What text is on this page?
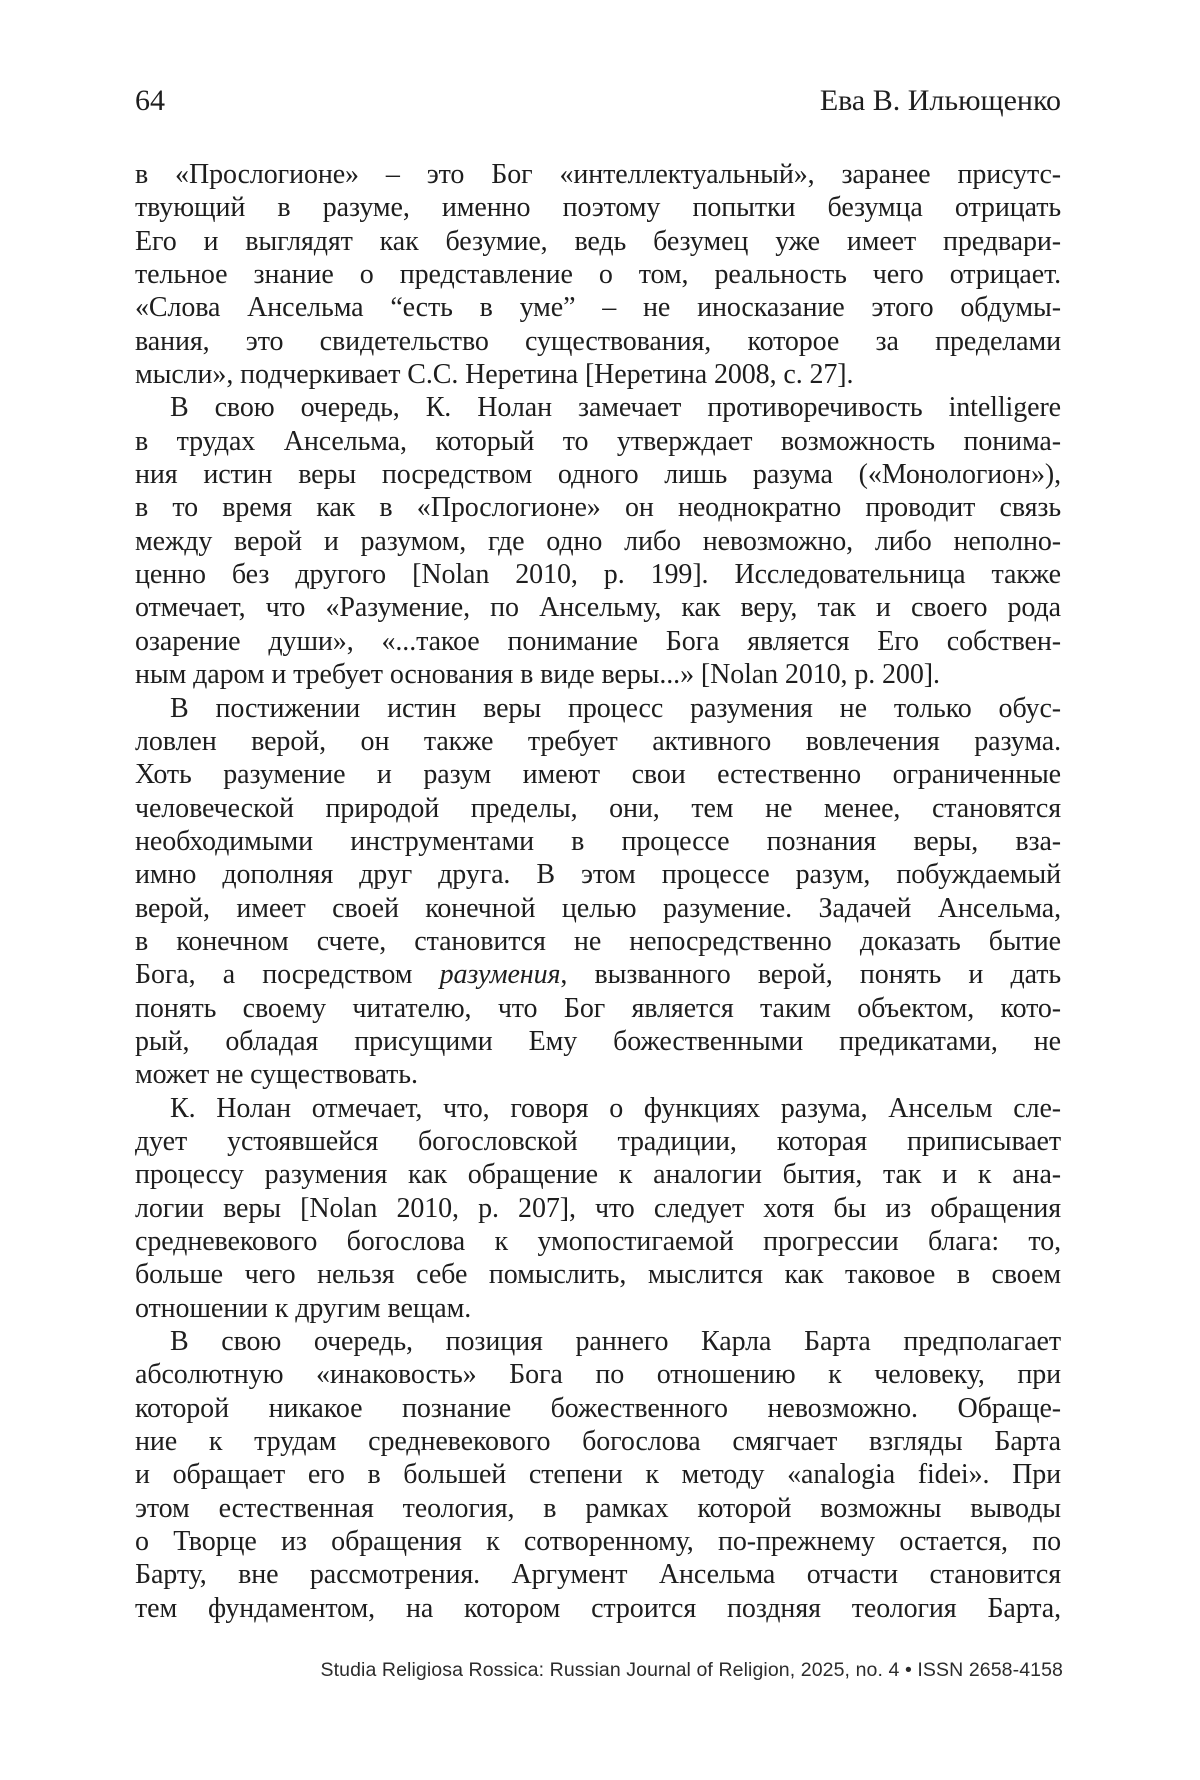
64	Ева В. Ильющенко
в «Прослогионе» – это Бог «интеллектуальный», заранее присутс-
твующий в разуме, именно поэтому попытки безумца отрицать
Его и выглядят как безумие, ведь безумец уже имеет предвари-
тельное знание о представление о том, реальность чего отрицает.
«Слова Ансельма “есть в уме” – не иносказание этого обдумы-
вания, это свидетельство существования, которое за пределами
мысли», подчеркивает С.С. Неретина [Неретина 2008, с. 27].
В свою очередь, К. Нолан замечает противоречивость intelligere
в трудах Ансельма, который то утверждает возможность понима-
ния истин веры посредством одного лишь разума («Монологион»),
в то время как в «Прослогионе» он неоднократно проводит связь
между верой и разумом, где одно либо невозможно, либо неполно-
ценно без другого [Nolan 2010, p. 199]. Исследовательница также
отмечает, что «Разумение, по Ансельму, как веру, так и своего рода
озарение души», «...такое понимание Бога является Его собствен-
ным даром и требует основания в виде веры...» [Nolan 2010, p. 200].
В постижении истин веры процесс разумения не только обус-
ловлен верой, он также требует активного вовлечения разума.
Хоть разумение и разум имеют свои естественно ограниченные
человеческой природой пределы, они, тем не менее, становятся
необходимыми инструментами в процессе познания веры, вза-
имно дополняя друг друга. В этом процессе разум, побуждаемый
верой, имеет своей конечной целью разумение. Задачей Ансельма,
в конечном счете, становится не непосредственно доказать бытие
Бога, а посредством разумения, вызванного верой, понять и дать
понять своему читателю, что Бог является таким объектом, кото-
рый, обладая присущими Ему божественными предикатами, не
может не существовать.
К. Нолан отмечает, что, говоря о функциях разума, Ансельм сле-
дует устоявшейся богословской традиции, которая приписывает
процессу разумения как обращение к аналогии бытия, так и к ана-
логии веры [Nolan 2010, p. 207], что следует хотя бы из обращения
средневекового богослова к умопостигаемой прогрессии блага: то,
больше чего нельзя себе помыслить, мыслится как таковое в своем
отношении к другим вещам.
В свою очередь, позиция раннего Карла Барта предполагает
абсолютную «инаковость» Бога по отношению к человеку, при
которой никакое познание божественного невозможно. Обраще-
ние к трудам средневекового богослова смягчает взгляды Барта
и обращает его в большей степени к методу «analogia fidei». При
этом естественная теология, в рамках которой возможны выводы
о Творце из обращения к сотворенному, по-прежнему остается, по
Барту, вне рассмотрения. Аргумент Ансельма отчасти становится
тем фундаментом, на котором строится поздняя теология Барта,
Studia Religiosa Rossica: Russian Journal of Religion, 2025, no. 4 • ISSN 2658-4158
